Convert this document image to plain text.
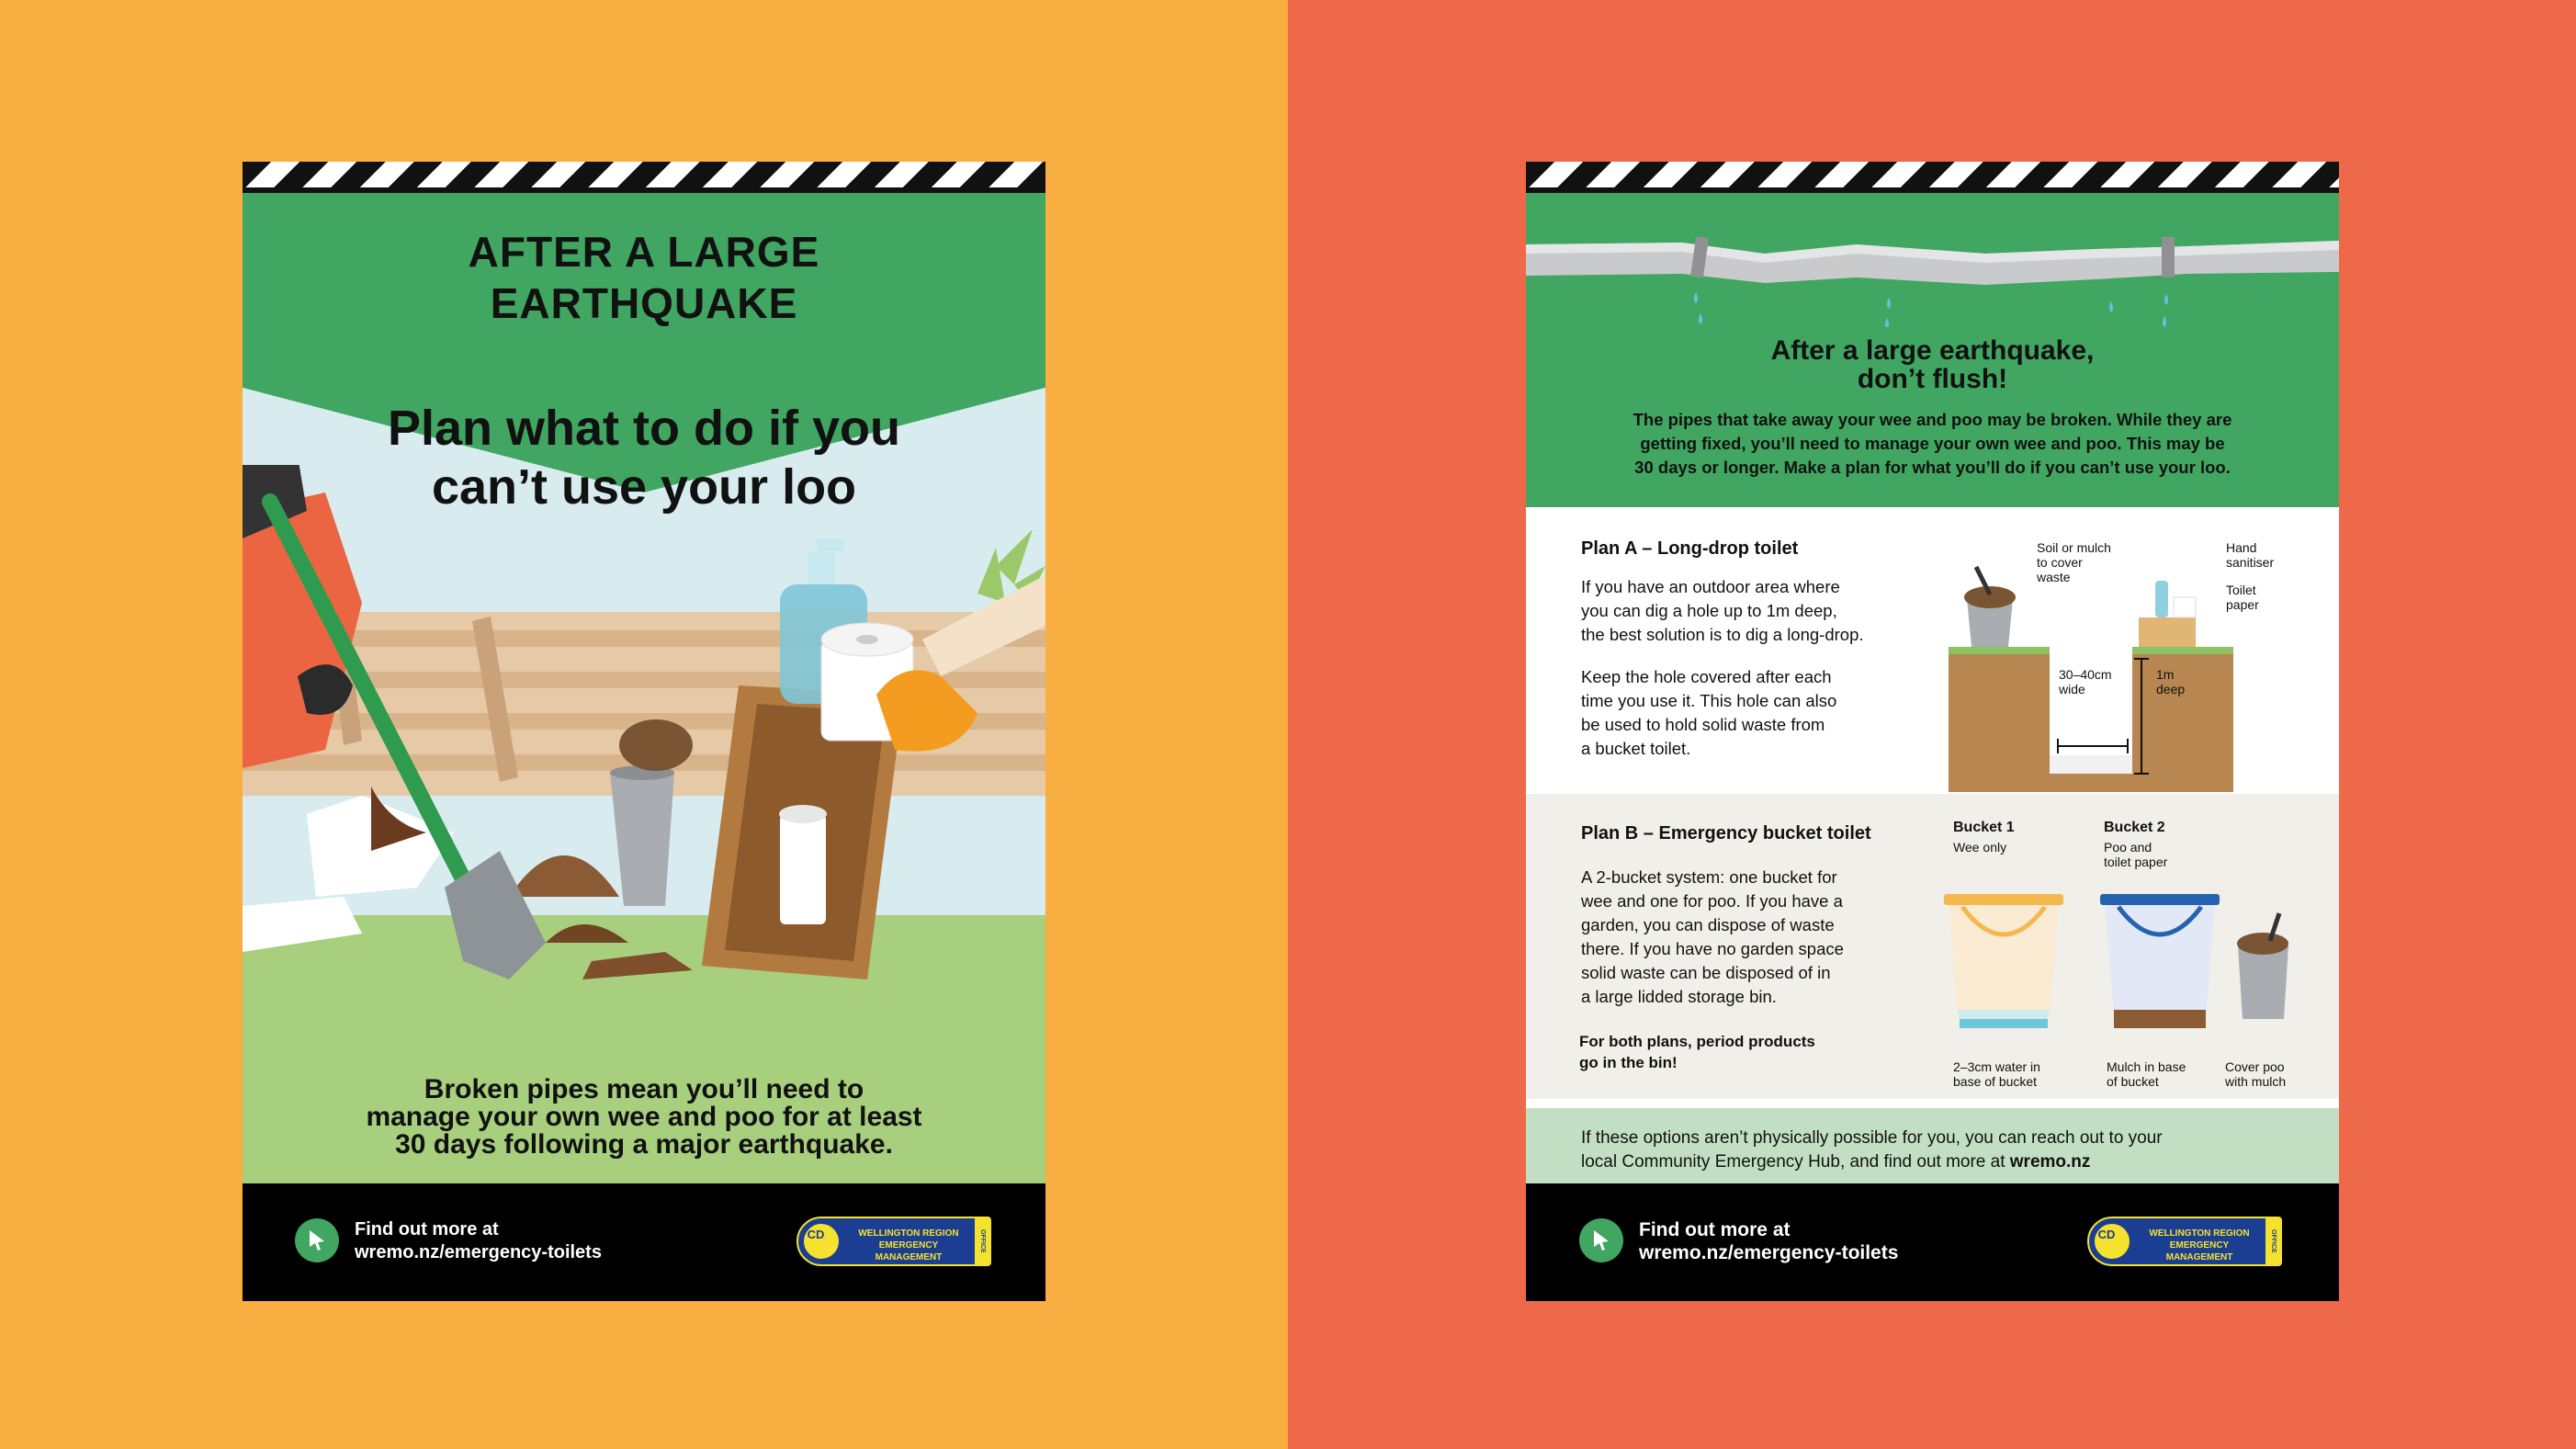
AFTER A LARGE
EARTHQUAKE
Plan what to do if you
can’t use your loo

Broken pipes mean you’ll need to
manage your own wee and poo for at least
30 days following a major earthquake.

Find out more at
wremo.nz/emergency-toilets
CD	WELLINGTON REGION
EMERGENCY MANAGEMENT
OFFICE
After a large earthquake,
don’t flush!

The pipes that take away your wee and poo may be broken. While they are
getting fixed, you’ll need to manage your own wee and poo. This may be
30 days or longer. Make a plan for what you’ll do if you can’t use your loo.

Plan A – Long-drop toilet

If you have an outdoor area where
you can dig a hole up to 1m deep,
the best solution is to dig a long-drop.

Keep the hole covered after each
time you use it. This hole can also
be used to hold solid waste from
a bucket toilet.

Soil or mulch
to cover
waste
Hand
sanitiser
Toilet
paper
30–40cm
wide
1m
deep
Plan B – Emergency bucket toilet

A 2-bucket system: one bucket for
wee and one for poo. If you have a
garden, you can dispose of waste
there. If you have no garden space
solid waste can be disposed of in
a large lidded storage bin.

For both plans, period products
go in the bin!

Bucket 1
Wee only
Bucket 2
Poo and
toilet paper
2–3cm water in
base of bucket
Mulch in base
of bucket
Cover poo
with mulch

If these options aren’t physically possible for you, you can reach out to your
local Community Emergency Hub, and find out more at wremo.nz

Find out more at
wremo.nz/emergency-toilets
CD	WELLINGTON REGION
EMERGENCY MANAGEMENT
OFFICE
